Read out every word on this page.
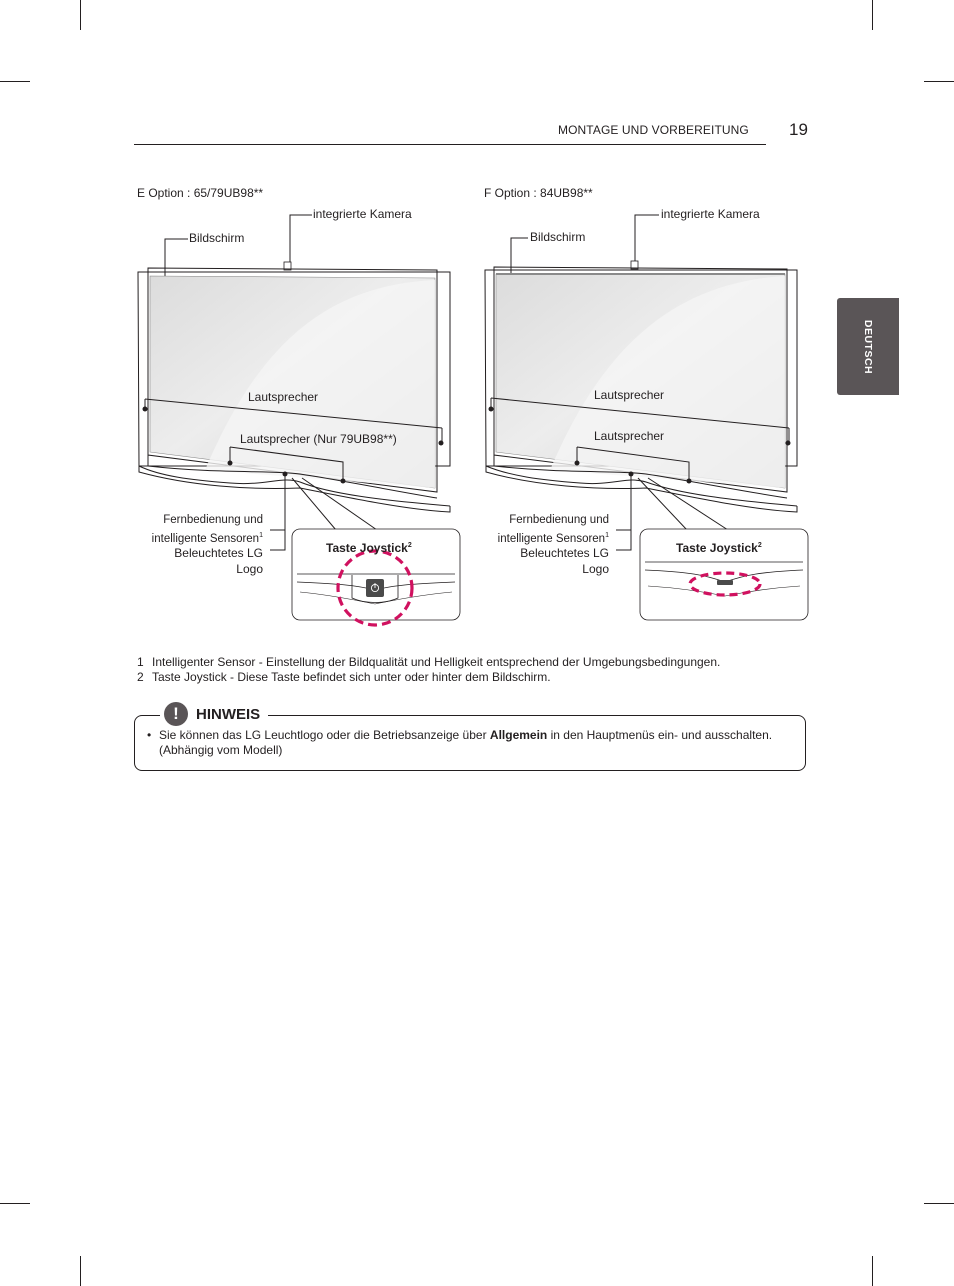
MONTAGE UND VORBEREITUNG 19
DEUTSCH
E Option : 65/79UB98**
integrierte Kamera
Bildschirm
Lautsprecher
Lautsprecher (Nur 79UB98**)
Fernbedienung und
intelligente Sensoren$^1$
Beleuchtetes LG
Logo
Taste Joystick$^2$
F Option : 84UB98**
integrierte Kamera
Bildschirm
Lautsprecher
Lautsprecher
Fernbedienung und
intelligente Sensoren$^1$
Beleuchtetes LG
Logo
Taste Joystick$^2$
1 Intelligenter Sensor - Einstellung der Bildqualität und Helligkeit entsprechend der Umgebungsbedingungen.
2 Taste Joystick - Diese Taste befindet sich unter oder hinter dem Bildschirm.
!	HINWEIS
• Sie können das LG Leuchtlogo oder die Betriebsanzeige über Allgemein in den Hauptmenüs ein- und ausschalten. (Abhängig vom Modell)
